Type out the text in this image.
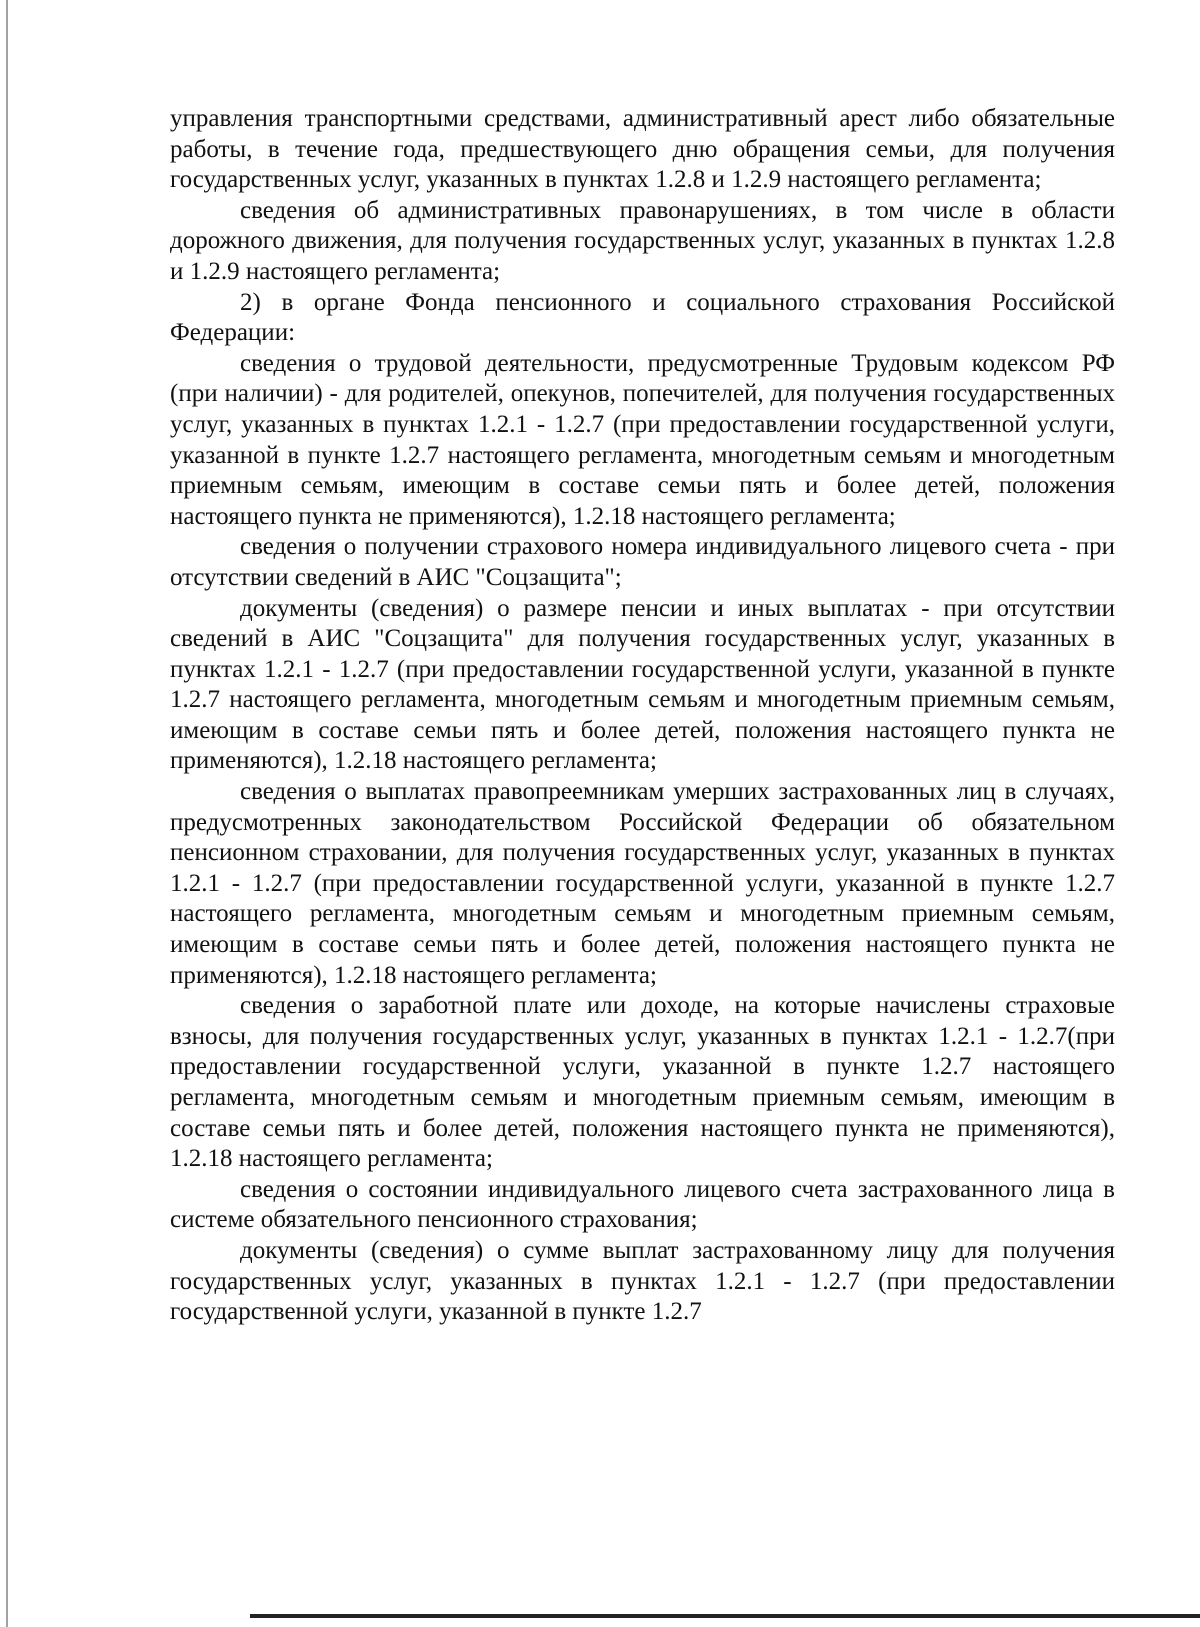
управления транспортными средствами, административный арест либо обязательные работы, в течение года, предшествующего дню обращения семьи, для получения государственных услуг, указанных в пунктах 1.2.8 и 1.2.9 настоящего регламента;

сведения об административных правонарушениях, в том числе в области дорожного движения, для получения государственных услуг, указанных в пунктах 1.2.8 и 1.2.9 настоящего регламента;

2) в органе Фонда пенсионного и социального страхования Российской Федерации:

сведения о трудовой деятельности, предусмотренные Трудовым кодексом РФ (при наличии) - для родителей, опекунов, попечителей, для получения государственных услуг, указанных в пунктах 1.2.1 - 1.2.7 (при предоставлении государственной услуги, указанной в пункте 1.2.7 настоящего регламента, многодетным семьям и многодетным приемным семьям, имеющим в составе семьи пять и более детей, положения настоящего пункта не применяются), 1.2.18 настоящего регламента;

сведения о получении страхового номера индивидуального лицевого счета - при отсутствии сведений в АИС "Соцзащита";

документы (сведения) о размере пенсии и иных выплатах - при отсутствии сведений в АИС "Соцзащита" для получения государственных услуг, указанных в пунктах 1.2.1 - 1.2.7 (при предоставлении государственной услуги, указанной в пункте 1.2.7 настоящего регламента, многодетным семьям и многодетным приемным семьям, имеющим в составе семьи пять и более детей, положения настоящего пункта не применяются), 1.2.18 настоящего регламента;

сведения о выплатах правопреемникам умерших застрахованных лиц в случаях, предусмотренных законодательством Российской Федерации об обязательном пенсионном страховании, для получения государственных услуг, указанных в пунктах 1.2.1 - 1.2.7 (при предоставлении государственной услуги, указанной в пункте 1.2.7 настоящего регламента, многодетным семьям и многодетным приемным семьям, имеющим в составе семьи пять и более детей, положения настоящего пункта не применяются), 1.2.18 настоящего регламента;

сведения о заработной плате или доходе, на которые начислены страховые взносы, для получения государственных услуг, указанных в пунктах 1.2.1 - 1.2.7(при предоставлении государственной услуги, указанной в пункте 1.2.7 настоящего регламента, многодетным семьям и многодетным приемным семьям, имеющим в составе семьи пять и более детей, положения настоящего пункта не применяются), 1.2.18 настоящего регламента;

сведения о состоянии индивидуального лицевого счета застрахованного лица в системе обязательного пенсионного страхования;

документы (сведения) о сумме выплат застрахованному лицу для получения государственных услуг, указанных в пунктах 1.2.1 - 1.2.7 (при предоставлении государственной услуги, указанной в пункте 1.2.7
